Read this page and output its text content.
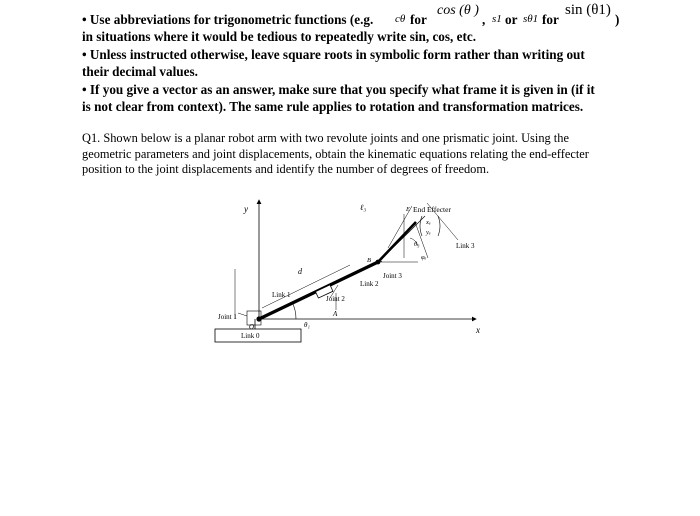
• Use abbreviations for trigonometric functions (e.g. cθ for
cos (θ )
, s1 or sθ1 for
sin (θ1)
)
in situations where it would be tedious to repeatedly write sin, cos, etc.
• Unless instructed otherwise, leave square roots in symbolic form rather than writing out
their decimal values.
• If you give a vector as an answer, make sure that you specify what frame it is given in (if it
is not clear from context). The same rule applies to rotation and transformation matrices.
Q1. Shown below is a planar robot arm with two revolute joints and one prismatic joint. Using the
geometric parameters and joint displacements, obtain the kinematic equations relating the end-effecter
position to the joint displacements and identify the number of degrees of freedom.
y
x
End Effecter
E
Link 3
Joint 3
Link 2
Link 1	Joint 2
Link 0
Joint 1
O
A
B
d
ℓ₃
θ₁
θ₃
φₑ
xₑ
yₑ
